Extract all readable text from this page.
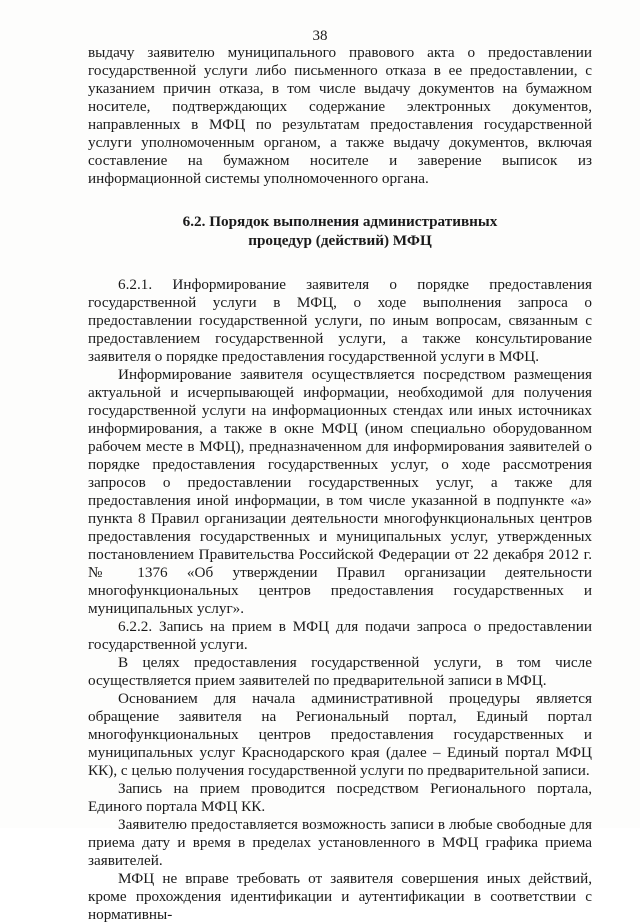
38

выдачу заявителю муниципального правового акта о предоставлении государственной услуги либо письменного отказа в ее предоставлении, с указанием причин отказа, в том числе выдачу документов на бумажном носителе, подтверждающих содержание электронных документов, направленных в МФЦ по результатам предоставления государственной услуги уполномоченным органом, а также выдачу документов, включая составление на бумажном носителе и заверение выписок из информационной системы уполномоченного органа.

6.2. Порядок выполнения административных

процедур (действий) МФЦ

6.2.1. Информирование заявителя о порядке предоставления государственной услуги в МФЦ, о ходе выполнения запроса о предоставлении государственной услуги, по иным вопросам, связанным с предоставлением государственной услуги, а также консультирование заявителя о порядке предоставления государственной услуги в МФЦ.

Информирование заявителя осуществляется посредством размещения актуальной и исчерпывающей информации, необходимой для получения государственной услуги на информационных стендах или иных источниках информирования, а также в окне МФЦ (ином специально оборудованном рабочем месте в МФЦ), предназначенном для информирования заявителей о порядке предоставления государственных услуг, о ходе рассмотрения запросов о предоставлении государственных услуг, а также для предоставления иной информации, в том числе указанной в подпункте «а» пункта 8 Правил организации деятельности многофункциональных центров предоставления государственных и муниципальных услуг, утвержденных постановлением Правительства Российской Федерации от 22 декабря 2012 г. № 1376 «Об утверждении Правил организации деятельности многофункциональных центров предоставления государственных и муниципальных услуг».

6.2.2. Запись на прием в МФЦ для подачи запроса о предоставлении государственной услуги.

В целях предоставления государственной услуги, в том числе осуществляется прием заявителей по предварительной записи в МФЦ.

Основанием для начала административной процедуры является обращение заявителя на Региональный портал, Единый портал многофункциональных центров предоставления государственных и муниципальных услуг Краснодарского края (далее – Единый портал МФЦ КК), с целью получения государственной услуги по предварительной записи.

Запись на прием проводится посредством Регионального портала, Единого портала МФЦ КК.

Заявителю предоставляется возможность записи в любые свободные для приема дату и время в пределах установленного в МФЦ графика приема заявителей.

МФЦ не вправе требовать от заявителя совершения иных действий, кроме прохождения идентификации и аутентификации в соответствии с нормативны-
